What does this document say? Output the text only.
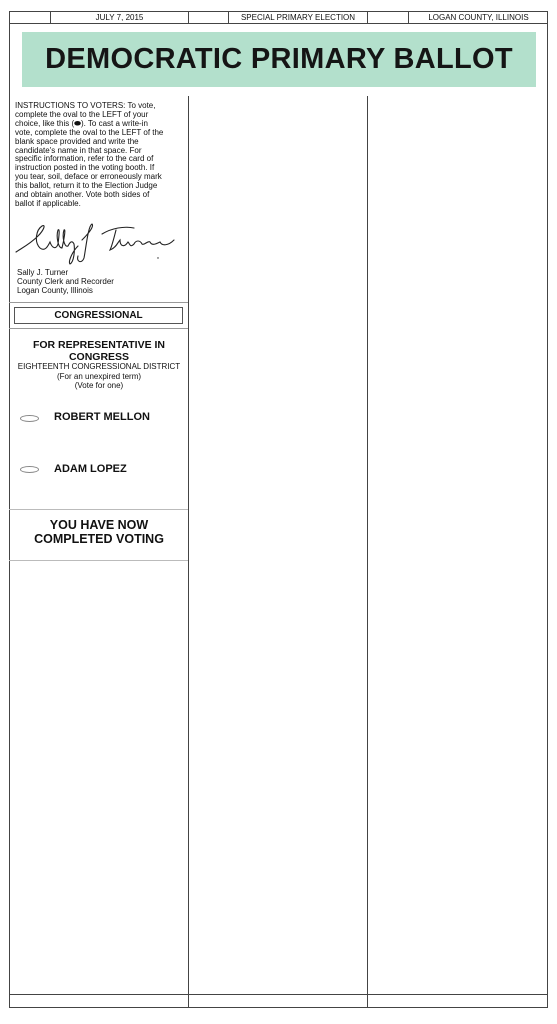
JULY 7, 2015	SPECIAL PRIMARY ELECTION	LOGAN COUNTY, ILLINOIS
DEMOCRATIC PRIMARY BALLOT
INSTRUCTIONS TO VOTERS: To vote,
complete the oval to the LEFT of your
choice, like this (⬬). To cast a write-in
vote, complete the oval to the LEFT of the
blank space provided and write the
candidate's name in that space. For
specific information, refer to the card of
instruction posted in the voting booth. If
you tear, soil, deface or erroneously mark
this ballot, return it to the Election Judge
and obtain another. Vote both sides of
ballot if applicable.
Sally J. Turner
County Clerk and Recorder
Logan County, Illinois
CONGRESSIONAL
FOR REPRESENTATIVE IN
CONGRESS
EIGHTEENTH CONGRESSIONAL DISTRICT
(For an unexpired term)
(Vote for one)
ROBERT MELLON
ADAM LOPEZ
YOU HAVE NOW
COMPLETED VOTING
